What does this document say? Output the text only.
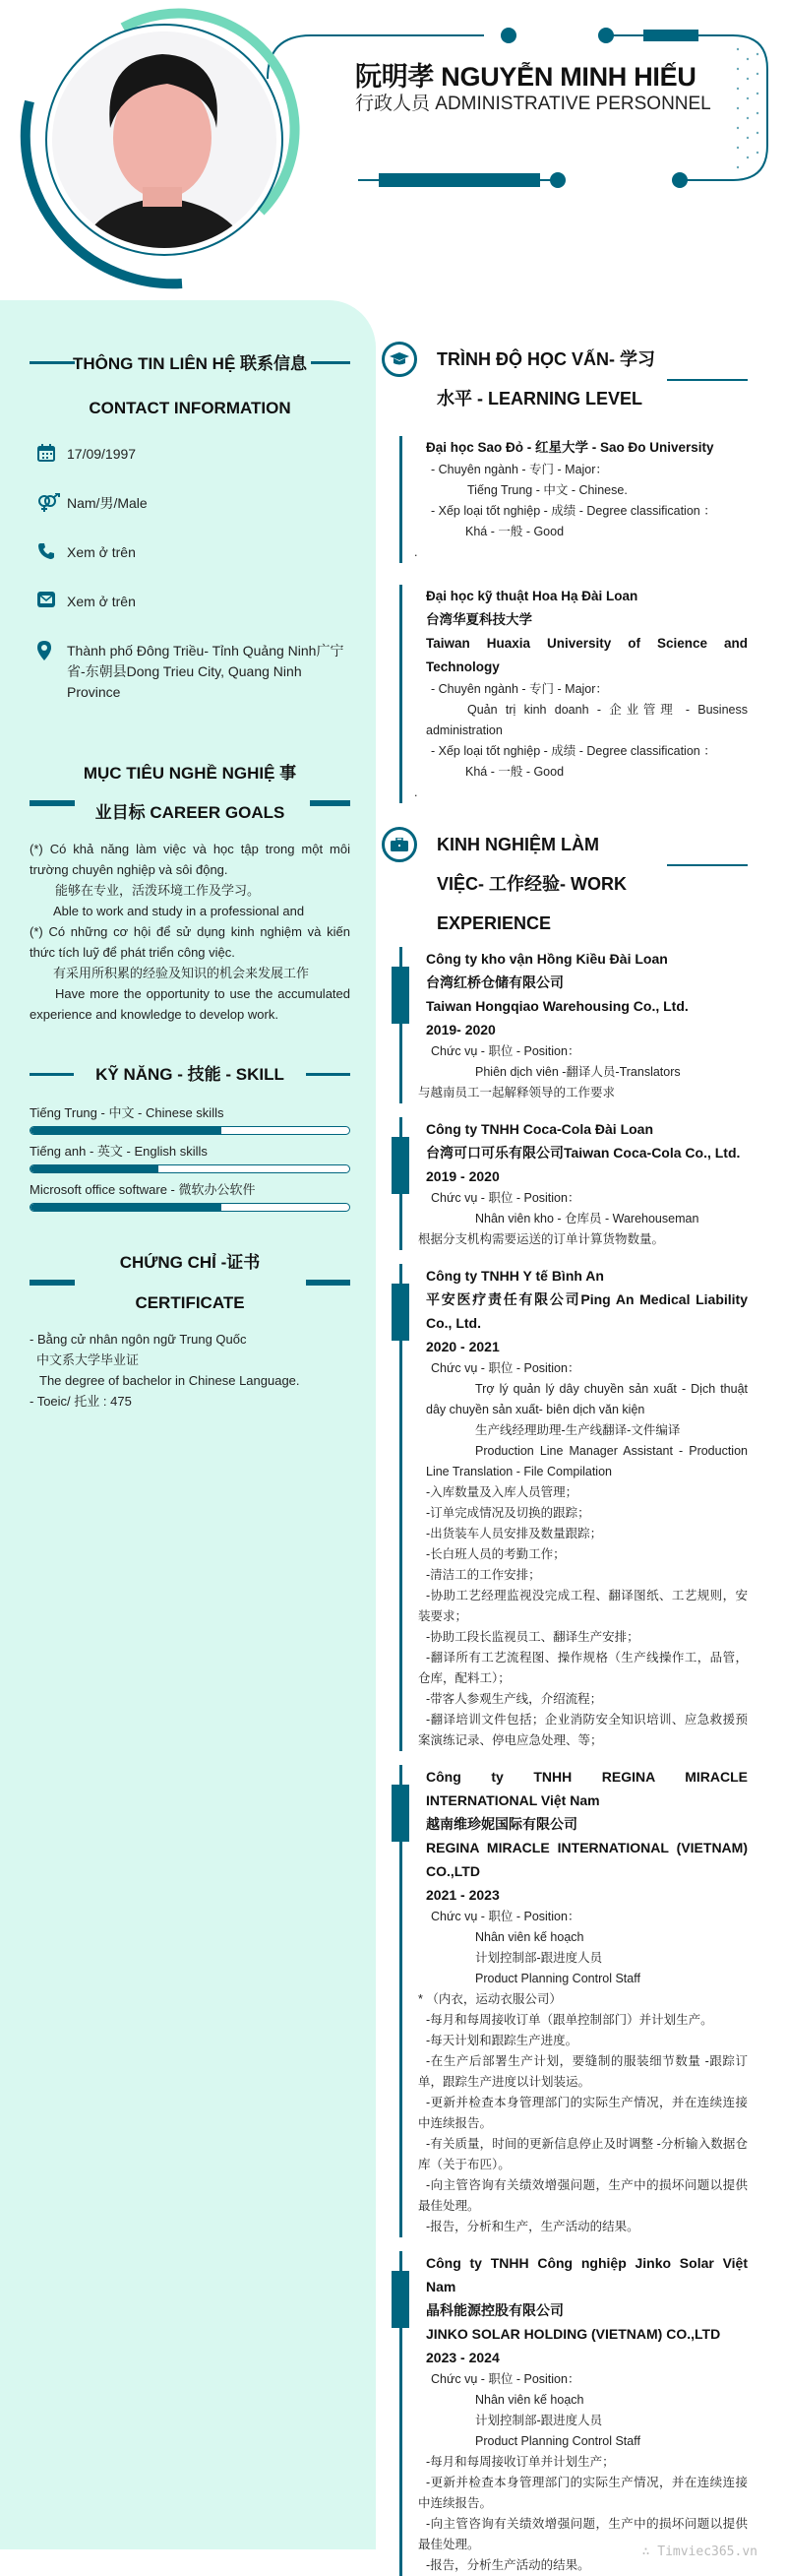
阮明孝 NGUYỄN MINH HIẾU
行政人员 ADMINISTRATIVE PERSONNEL
THÔNG TIN LIÊN HỆ 联系信息 CONTACT INFORMATION
17/09/1997
Nam/男/Male
Xem ở trên
Xem ở trên
Thành phố Đông Triều- Tỉnh Quảng Ninh广宁省-东朝县Dong Trieu City, Quang Ninh Province
MỤC TIÊU NGHỀ NGHIỆ 事
业目标 CAREER GOALS
(*) Có khả năng làm việc và học tập trong một môi trường chuyên nghiệp và sôi động.
能够在专业，活泼环境工作及学习。
Able to work and study in a professional and
(*) Có những cơ hội để sử dụng kinh nghiệm và kiến thức tích luỹ để phát triển công việc.
有采用所积累的经验及知识的机会来发展工作
Have more the opportunity to use the accumulated experience and knowledge to develop work.
KỸ NĂNG - 技能 - SKILL
Tiếng Trung - 中文 - Chinese skills
Tiếng anh - 英文 - English skills
Microsoft office software - 微软办公软件
CHỨNG CHỈ -证书
CERTIFICATE
- Bằng cử nhân ngôn ngữ Trung Quốc
中文系大学毕业证
The degree of bachelor in Chinese Language.
- Toeic/ 托业 : 475
TRÌNH ĐỘ HỌC VẤN- 学习水平 - LEARNING LEVEL
Đại học Sao Đỏ - 红星大学 - Sao Đo University
- Chuyên ngành - 专门 - Major：
Tiếng Trung - 中文 - Chinese.
- Xếp loại tốt nghiệp - 成绩 - Degree classification ：
Khá - 一般 - Good
.
Đại học kỹ thuật Hoa Hạ Đài Loan
台湾华夏科技大学
Taiwan Huaxia University of Science and Technology
- Chuyên ngành - 专门 - Major：
Quản trị kinh doanh - 企业管理 - Business administration
- Xếp loại tốt nghiệp - 成绩 - Degree classification ：
Khá - 一般 - Good
.
KINH NGHIỆM LÀM VIỆC- 工作经验- WORK EXPERIENCE
Công ty kho vận Hồng Kiều Đài Loan
台湾红桥仓储有限公司
Taiwan Hongqiao Warehousing Co., Ltd.
2019- 2020
Chức vụ - 职位 - Position：
Phiên dịch viên -翻译人员-Translators
与越南员工一起解释领导的工作要求
Công ty TNHH Coca-Cola Đài Loan
台湾可口可乐有限公司Taiwan Coca-Cola Co., Ltd.
2019 - 2020
Chức vụ - 职位 - Position：
Nhân viên kho - 仓库员 - Warehouseman
根据分支机构需要运送的订单计算货物数量。
Công ty TNHH Y tế Bình An
平安医疗责任有限公司Ping An Medical Liability Co., Ltd.
2020 - 2021
Chức vụ - 职位 - Position：
Trợ lý quản lý dây chuyền sản xuất - Dịch thuật dây chuyền sản xuất- biên dịch văn kiện
生产线经理助理-生产线翻译-文件编译
Production Line Manager Assistant - Production Line Translation - File Compilation
-入库数量及入库人员管理；
-订单完成情况及切换的跟踪；
-出货装车人员安排及数量跟踪；
-长白班人员的考勤工作；
-清洁工的工作安排；
-协助工艺经理监视没完成工程、翻译图纸、工艺规则，安装要求；
-协助工段长监视员工、翻译生产安排；
-翻译所有工艺流程图、操作规格（生产线操作工，品管，仓库，配料工）；
-带客人参观生产线，介绍流程；
-翻译培训文件包括；企业消防安全知识培训、应急救援预案演练记录、停电应急处理、等；
Công ty TNHH REGINA MIRACLE INTERNATIONAL Việt Nam
越南维珍妮国际有限公司
REGINA MIRACLE INTERNATIONAL (VIETNAM) CO.,LTD
2021 - 2023
Chức vụ - 职位 - Position：
Nhân viên kế hoạch
计划控制部-跟进度人员
Product Planning Control Staff
* （内衣，运动衣服公司）
-每月和每周接收订单（跟单控制部门）并计划生产。
-每天计划和跟踪生产进度。
-在生产后部署生产计划，要缝制的服装细节数量 -跟踪订单，跟踪生产进度以计划装运。
-更新并检查本身管理部门的实际生产情况，并在连续连接中连续报告。
-有关质量，时间的更新信息停止及时调整 -分析输入数据仓库（关于布匹）。
-向主管咨询有关绩效增强问题，生产中的损坏问题以提供最佳处理。
-报告，分析和生产，生产活动的结果。
Công ty TNHH Công nghiệp Jinko Solar Việt Nam
晶科能源控股有限公司
JINKO SOLAR HOLDING (VIETNAM) CO.,LTD
2023 - 2024
Chức vụ - 职位 - Position：
Nhân viên kế hoạch
计划控制部-跟进度人员
Product Planning Control Staff
-每月和每周接收订单并计划生产；
-更新并检查本身管理部门的实际生产情况，并在连续连接中连续报告。
-向主管咨询有关绩效增强问题，生产中的损坏问题以提供最佳处理。
-报告，分析生产活动的结果。
∴ Timviec365.vn
